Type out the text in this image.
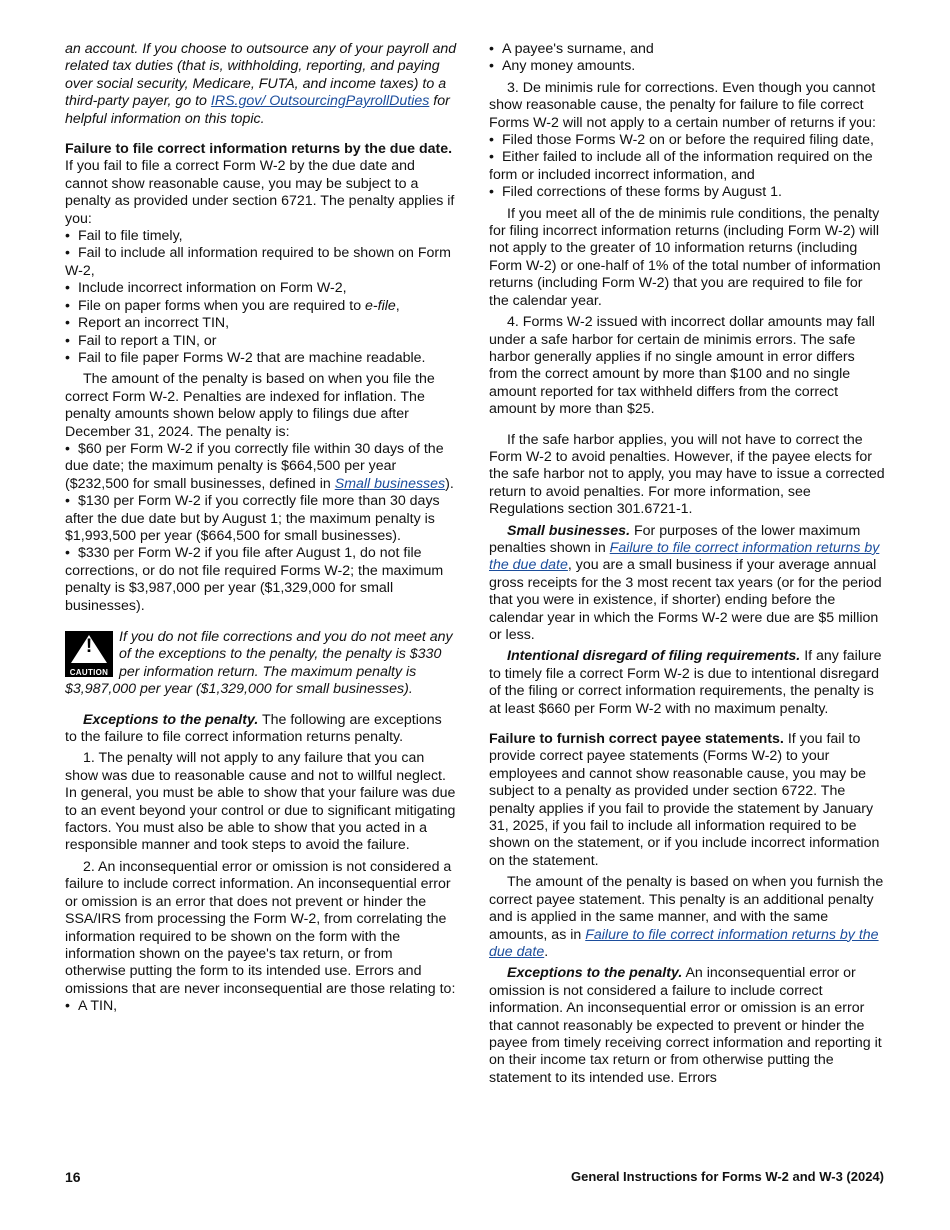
an account. If you choose to outsource any of your payroll and related tax duties (that is, withholding, reporting, and paying over social security, Medicare, FUTA, and income taxes) to a third-party payer, go to IRS.gov/ OutsourcingPayrollDuties for helpful information on this topic.

Failure to file correct information returns by the due date. If you fail to file a correct Form W-2 by the due date and cannot show reasonable cause, you may be subject to a penalty as provided under section 6721. The penalty applies if you:

• Fail to file timely,

• Fail to include all information required to be shown on Form W-2,

• Include incorrect information on Form W-2,

• File on paper forms when you are required to e-file,

• Report an incorrect TIN,

• Fail to report a TIN, or

• Fail to file paper Forms W-2 that are machine readable.

The amount of the penalty is based on when you file the correct Form W-2. Penalties are indexed for inflation. The penalty amounts shown below apply to filings due after December 31, 2024. The penalty is:

• $60 per Form W-2 if you correctly file within 30 days of the due date; the maximum penalty is $664,500 per year ($232,500 for small businesses, defined in Small businesses).

• $130 per Form W-2 if you correctly file more than 30 days after the due date but by August 1; the maximum penalty is $1,993,500 per year ($664,500 for small businesses).

• $330 per Form W-2 if you file after August 1, do not file corrections, or do not file required Forms W-2; the maximum penalty is $3,987,000 per year ($1,329,000 for small businesses).

!
CAUTION
If you do not file corrections and you do not meet any of the exceptions to the penalty, the penalty is $330 per information return. The maximum penalty is $3,987,000 per year ($1,329,000 for small businesses).

Exceptions to the penalty. The following are exceptions to the failure to file correct information returns penalty.

1. The penalty will not apply to any failure that you can show was due to reasonable cause and not to willful neglect. In general, you must be able to show that your failure was due to an event beyond your control or due to significant mitigating factors. You must also be able to show that you acted in a responsible manner and took steps to avoid the failure.

2. An inconsequential error or omission is not considered a failure to include correct information. An inconsequential error or omission is an error that does not prevent or hinder the SSA/IRS from processing the Form W-2, from correlating the information required to be shown on the form with the information shown on the payee's tax return, or from otherwise putting the form to its intended use. Errors and omissions that are never inconsequential are those relating to:

• A TIN,

• A payee's surname, and

• Any money amounts.

3. De minimis rule for corrections. Even though you cannot show reasonable cause, the penalty for failure to file correct Forms W-2 will not apply to a certain number of returns if you:

• Filed those Forms W-2 on or before the required filing date,

• Either failed to include all of the information required on the form or included incorrect information, and

• Filed corrections of these forms by August 1.

If you meet all of the de minimis rule conditions, the penalty for filing incorrect information returns (including Form W-2) will not apply to the greater of 10 information returns (including Form W-2) or one-half of 1% of the total number of information returns (including Form W-2) that you are required to file for the calendar year.

4. Forms W-2 issued with incorrect dollar amounts may fall under a safe harbor for certain de minimis errors. The safe harbor generally applies if no single amount in error differs from the correct amount by more than $100 and no single amount reported for tax withheld differs from the correct amount by more than $25.

If the safe harbor applies, you will not have to correct the Form W-2 to avoid penalties. However, if the payee elects for the safe harbor not to apply, you may have to issue a corrected return to avoid penalties. For more information, see Regulations section 301.6721-1.

Small businesses. For purposes of the lower maximum penalties shown in Failure to file correct information returns by the due date, you are a small business if your average annual gross receipts for the 3 most recent tax years (or for the period that you were in existence, if shorter) ending before the calendar year in which the Forms W-2 were due are $5 million or less.

Intentional disregard of filing requirements. If any failure to timely file a correct Form W-2 is due to intentional disregard of the filing or correct information requirements, the penalty is at least $660 per Form W-2 with no maximum penalty.

Failure to furnish correct payee statements. If you fail to provide correct payee statements (Forms W-2) to your employees and cannot show reasonable cause, you may be subject to a penalty as provided under section 6722. The penalty applies if you fail to provide the statement by January 31, 2025, if you fail to include all information required to be shown on the statement, or if you include incorrect information on the statement.

The amount of the penalty is based on when you furnish the correct payee statement. This penalty is an additional penalty and is applied in the same manner, and with the same amounts, as in Failure to file correct information returns by the due date.

Exceptions to the penalty. An inconsequential error or omission is not considered a failure to include correct information. An inconsequential error or omission is an error that cannot reasonably be expected to prevent or hinder the payee from timely receiving correct information and reporting it on their income tax return or from otherwise putting the statement to its intended use. Errors

16	General Instructions for Forms W-2 and W-3 (2024)
